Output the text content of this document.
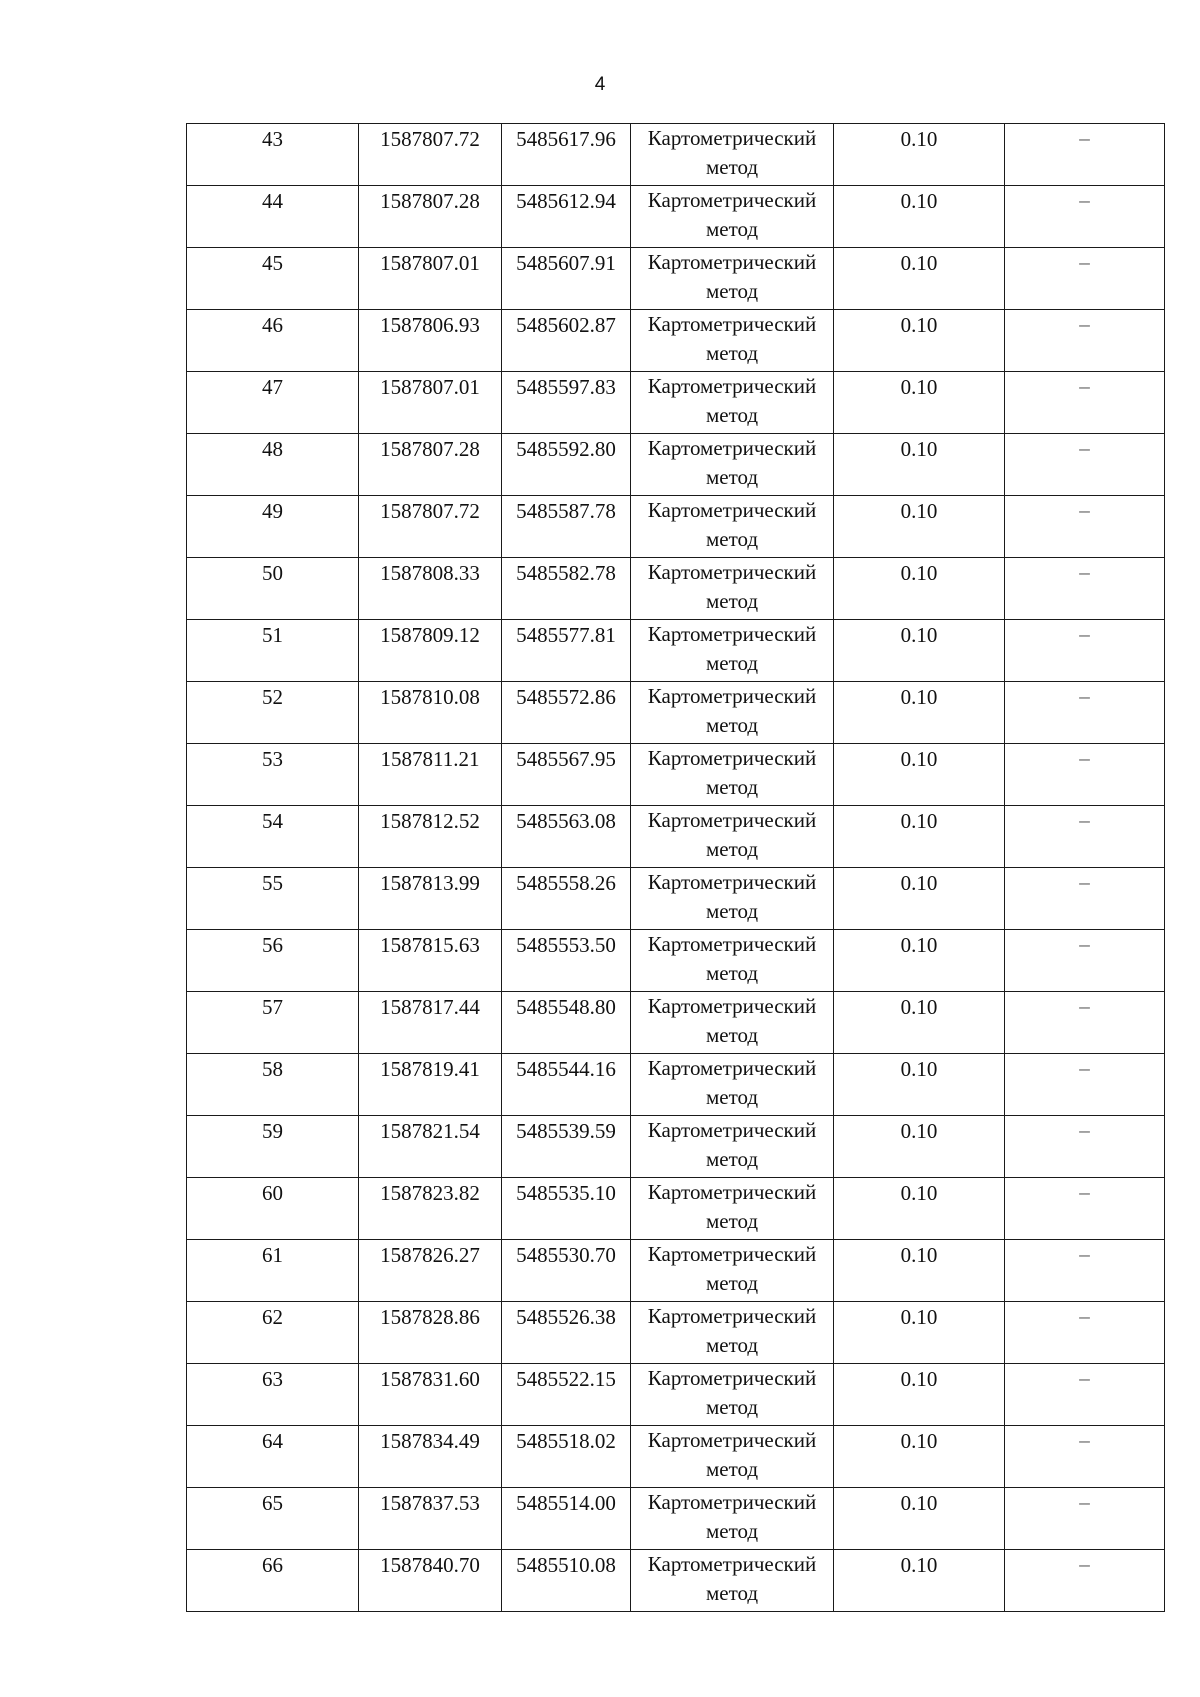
4
43	1587807.72	5485617.96	Картометрический метод	0.10	–
44	1587807.28	5485612.94	Картометрический метод	0.10	–
45	1587807.01	5485607.91	Картометрический метод	0.10	–
46	1587806.93	5485602.87	Картометрический метод	0.10	–
47	1587807.01	5485597.83	Картометрический метод	0.10	–
48	1587807.28	5485592.80	Картометрический метод	0.10	–
49	1587807.72	5485587.78	Картометрический метод	0.10	–
50	1587808.33	5485582.78	Картометрический метод	0.10	–
51	1587809.12	5485577.81	Картометрический метод	0.10	–
52	1587810.08	5485572.86	Картометрический метод	0.10	–
53	1587811.21	5485567.95	Картометрический метод	0.10	–
54	1587812.52	5485563.08	Картометрический метод	0.10	–
55	1587813.99	5485558.26	Картометрический метод	0.10	–
56	1587815.63	5485553.50	Картометрический метод	0.10	–
57	1587817.44	5485548.80	Картометрический метод	0.10	–
58	1587819.41	5485544.16	Картометрический метод	0.10	–
59	1587821.54	5485539.59	Картометрический метод	0.10	–
60	1587823.82	5485535.10	Картометрический метод	0.10	–
61	1587826.27	5485530.70	Картометрический метод	0.10	–
62	1587828.86	5485526.38	Картометрический метод	0.10	–
63	1587831.60	5485522.15	Картометрический метод	0.10	–
64	1587834.49	5485518.02	Картометрический метод	0.10	–
65	1587837.53	5485514.00	Картометрический метод	0.10	–
66	1587840.70	5485510.08	Картометрический метод	0.10	–
